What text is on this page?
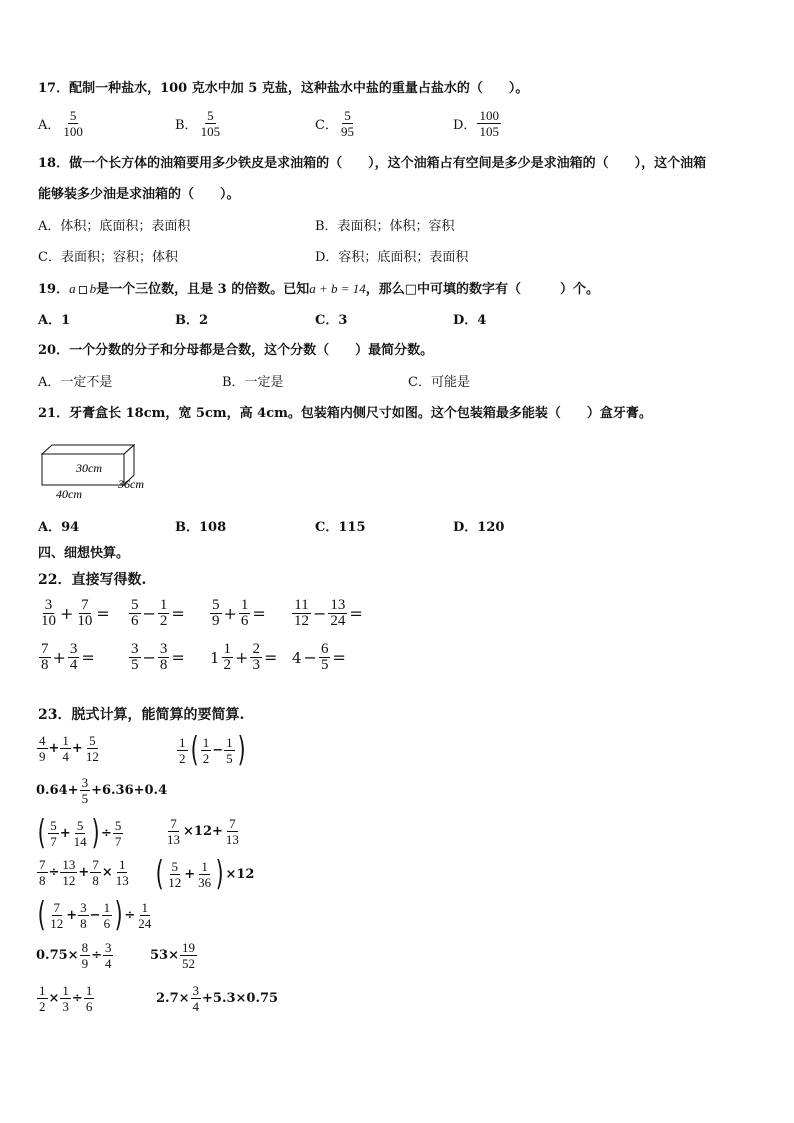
17．配制一种盐水，100 克水中加 5 克盐，这种盐水中盐的重量占盐水的（　　）。
A． $\frac{5}{100}$	B． $\frac{5}{105}$	C． $\frac{5}{95}$	D． $\frac{100}{105}$
18．做一个长方体的油箱要用多少铁皮是求油箱的（　　），这个油箱占有空间是多少是求油箱的（　　），这个油箱
能够装多少油是求油箱的（　　）。
A．体积；底面积；表面积	B．表面积；体积；容积
C．表面积；容积；体积	D．容积；底面积；表面积
19．a b是一个三位数，且是 3 的倍数。已知a + b = 14，那么□中可填的数字有（　　　）个。
A．1	B．2	C．3	D．4
20．一个分数的分子和分母都是合数，这个分数（　　）最简分数。
A．一定不是	B．一定是	C．可能是
21．牙膏盒长 18cm，宽 5cm，高 4cm。包装箱内侧尺寸如图。这个包装箱最多能装（　　）盒牙膏。
30cm
36cm
40cm
A．94	B．108	C．115	D．120
四、细想快算。
22．直接写得数.
$\frac{3}{10} + \frac{7}{10} = \frac{5}{6} - \frac{1}{2} = \frac{5}{9} + \frac{1}{6} = \frac{11}{12} - \frac{13}{24}$ =
$\frac{7}{8} + \frac{3}{4} = \frac{3}{5} - \frac{3}{8} = 1 \frac{1}{2} + \frac{2}{3} = 4 - \frac{6}{5}$ =
23．脱式计算，能简算的要简算.
$\frac{4}{9} + \frac{1}{4} + \frac{5}{12}$	$\frac{1}{2}$ ( $\frac{1}{2} - \frac{1}{5}$ )
$0.64+ \frac{3}{5} +6.36+0.4$
( $\frac{5}{7} + \frac{5}{14}$ ) ÷ $\frac{5}{7}$	$\frac{7}{13} \times 12+ \frac{7}{13}$
$\frac{7}{8} \div \frac{13}{12} + \frac{7}{8} \times \frac{1}{13}$ ( $\frac{5}{12} + \frac{1}{36}$ ) ×12
( $\frac{7}{12} + \frac{3}{8} - \frac{1}{6}$ ) ÷ $\frac{1}{24}$
$0.75\times \frac{8}{9} \div \frac{3}{4}$	$53\times \frac{19}{52}$
$\frac{1}{2} \times \frac{1}{3} \div \frac{1}{6}$	$2.7\times \frac{3}{4} +5.3\times 0.75$
